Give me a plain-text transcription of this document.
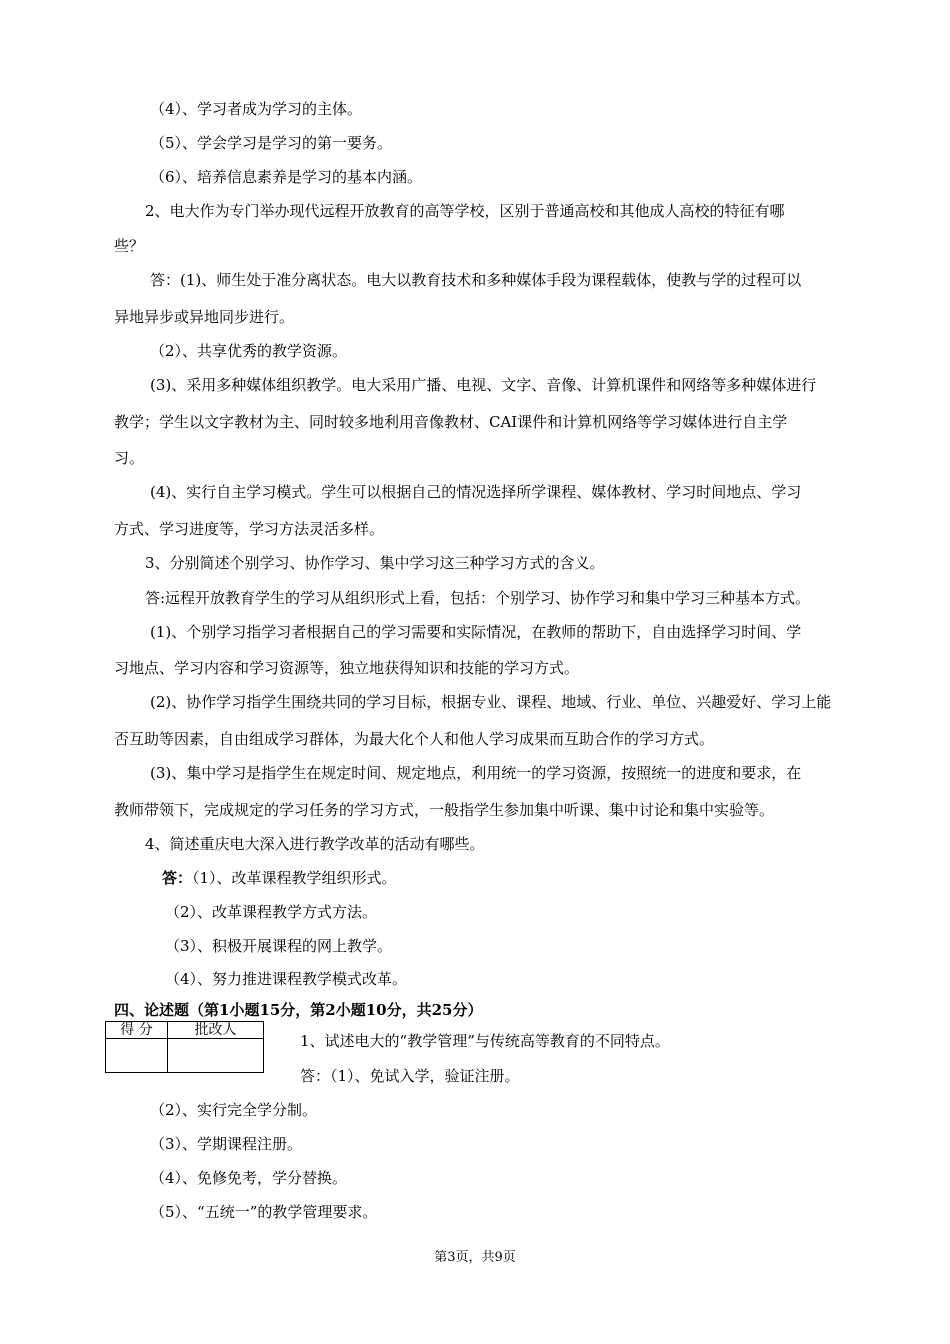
（4）、学习者成为学习的主体。
（5）、学会学习是学习的第一要务。
（6）、培养信息素养是学习的基本内涵。
2、电大作为专门举办现代远程开放教育的高等学校，区别于普通高校和其他成人高校的特征有哪
些？
答：(1)、师生处于准分离状态。电大以教育技术和多种媒体手段为课程载体，使教与学的过程可以
异地异步或异地同步进行。
（2）、共享优秀的教学资源。
(3)、采用多种媒体组织教学。电大采用广播、电视、文字、音像、计算机课件和网络等多种媒体进行
教学；学生以文字教材为主、同时较多地利用音像教材、CAI课件和计算机网络等学习媒体进行自主学
习。
(4)、实行自主学习模式。学生可以根据自己的情况选择所学课程、媒体教材、学习时间地点、学习
方式、学习进度等，学习方法灵活多样。
3、分别简述个别学习、协作学习、集中学习这三种学习方式的含义。
答:远程开放教育学生的学习从组织形式上看，包括：个别学习、协作学习和集中学习三种基本方式。
(1)、个别学习指学习者根据自己的学习需要和实际情况，在教师的帮助下，自由选择学习时间、学
习地点、学习内容和学习资源等，独立地获得知识和技能的学习方式。
(2)、协作学习指学生围绕共同的学习目标，根据专业、课程、地域、行业、单位、兴趣爱好、学习上能
否互助等因素，自由组成学习群体，为最大化个人和他人学习成果而互助合作的学习方式。
(3)、集中学习是指学生在规定时间、规定地点，利用统一的学习资源，按照统一的进度和要求，在
教师带领下，完成规定的学习任务的学习方式，一般指学生参加集中听课、集中讨论和集中实验等。
4、简述重庆电大深入进行教学改革的活动有哪些。
答：（1）、改革课程教学组织形式。
（2）、改革课程教学方式方法。
（3）、积极开展课程的网上教学。
（4）、努力推进课程教学模式改革。
四、论述题（第1小题15分，第2小题10分，共25分）
得 分	批改人

1、试述电大的“教学管理”与传统高等教育的不同特点。
答：（1）、免试入学，验证注册。
（2）、实行完全学分制。
（3）、学期课程注册。
（4）、免修免考，学分替换。
（5）、“五统一”的教学管理要求。
第3页，共9页
